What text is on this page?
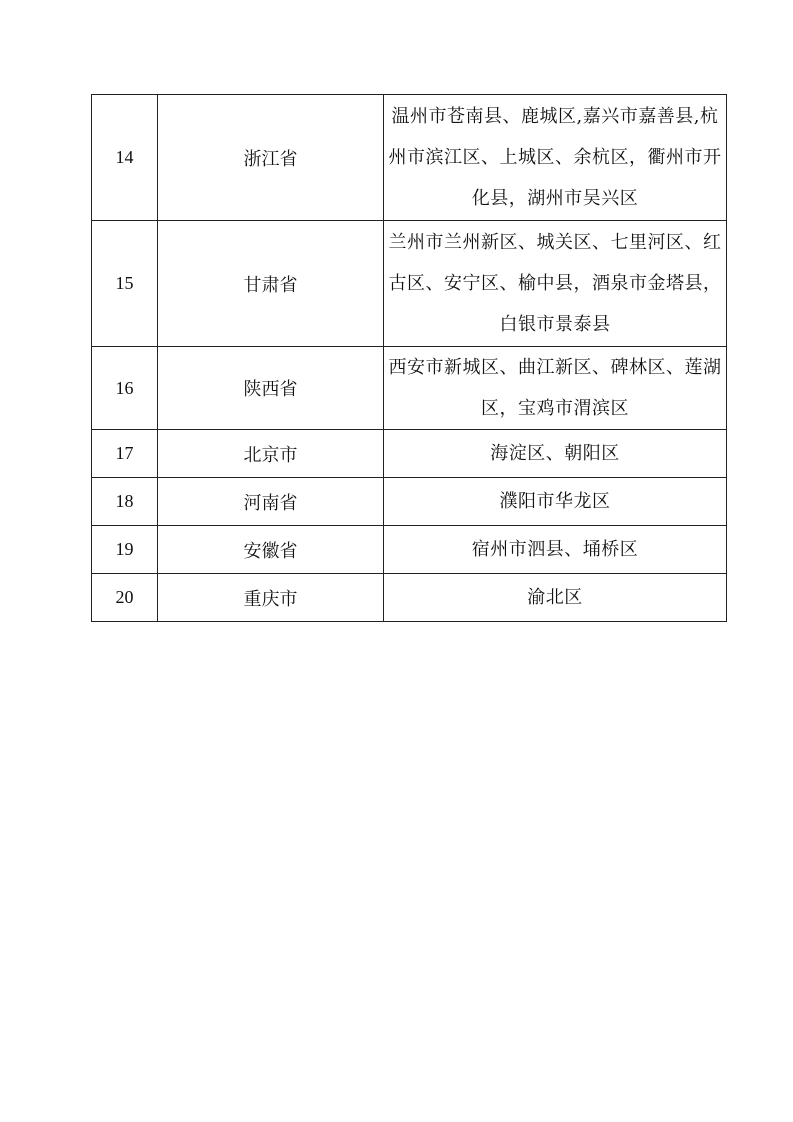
14	浙江省	温州市苍南县、鹿城区,嘉兴市嘉善县,杭州市滨江区、上城区、余杭区，衢州市开化县，湖州市吴兴区
15	甘肃省	兰州市兰州新区、城关区、七里河区、红古区、安宁区、榆中县，酒泉市金塔县，白银市景泰县
16	陕西省	西安市新城区、曲江新区、碑林区、莲湖区，宝鸡市渭滨区
17	北京市	海淀区、朝阳区
18	河南省	濮阳市华龙区
19	安徽省	宿州市泗县、埇桥区
20	重庆市	渝北区
